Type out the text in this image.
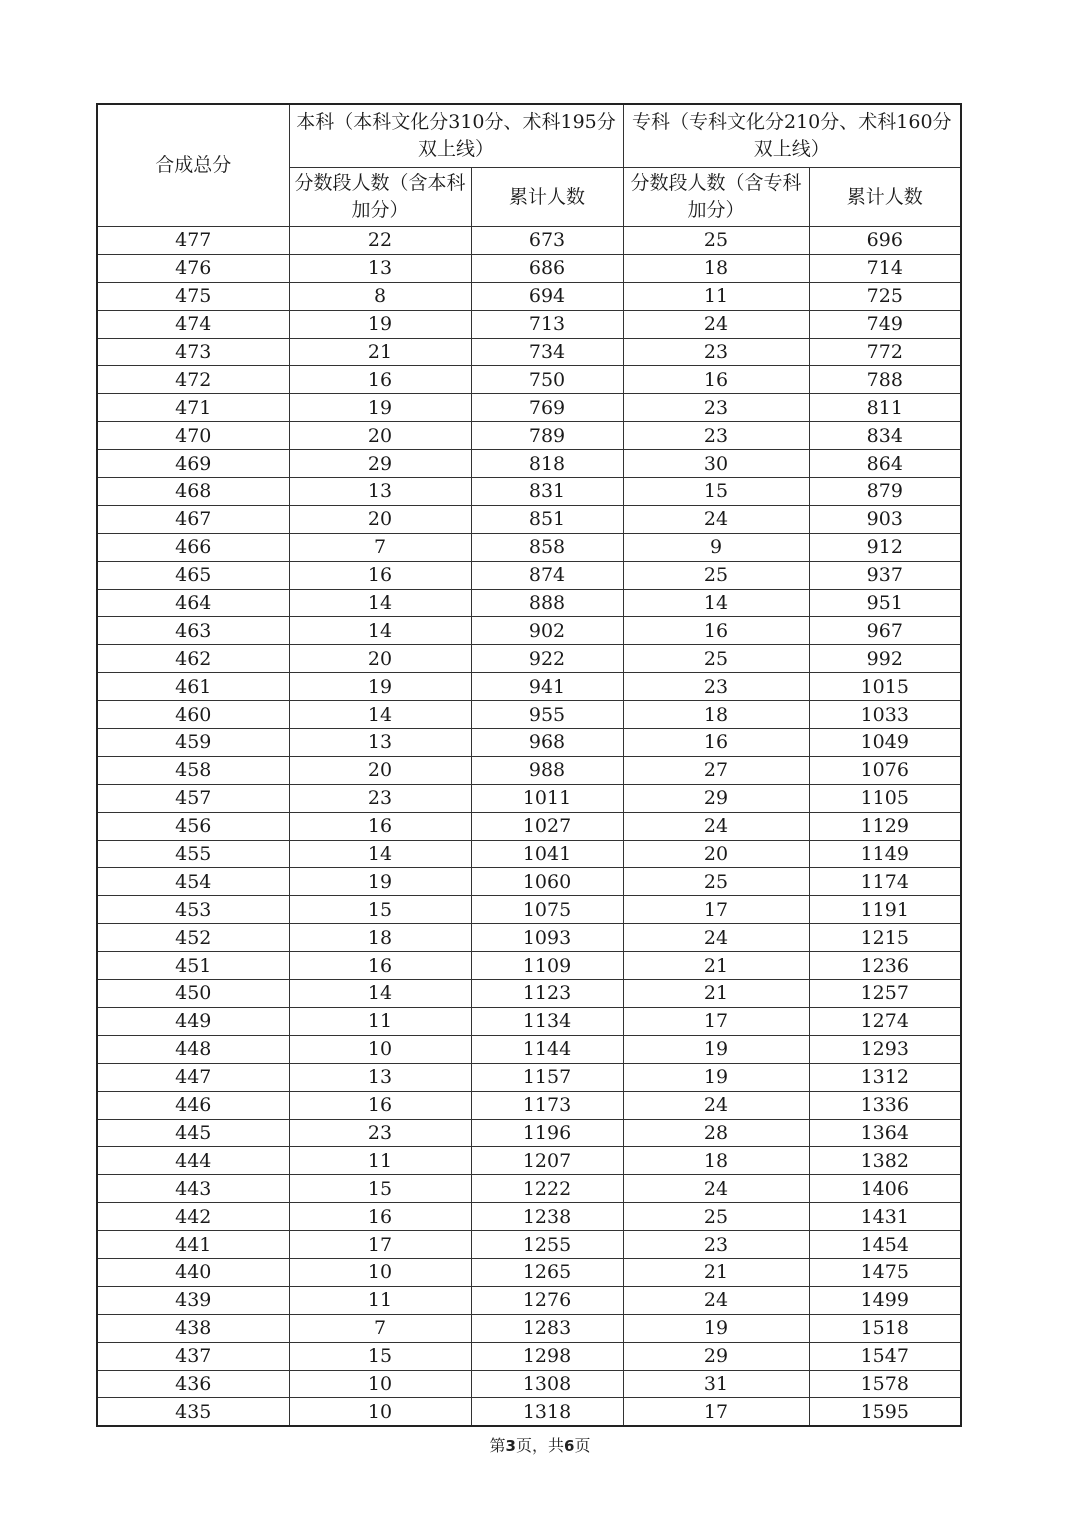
合成总分	本科（本科文化分310分、术科195分双上线）		专科（专科文化分210分、术科160分双上线）	
	分数段人数（含本科加分）	累计人数	分数段人数（含专科加分）	累计人数
477	22	673	25	696
476	13	686	18	714
475	8	694	11	725
474	19	713	24	749
473	21	734	23	772
472	16	750	16	788
471	19	769	23	811
470	20	789	23	834
469	29	818	30	864
468	13	831	15	879
467	20	851	24	903
466	7	858	9	912
465	16	874	25	937
464	14	888	14	951
463	14	902	16	967
462	20	922	25	992
461	19	941	23	1015
460	14	955	18	1033
459	13	968	16	1049
458	20	988	27	1076
457	23	1011	29	1105
456	16	1027	24	1129
455	14	1041	20	1149
454	19	1060	25	1174
453	15	1075	17	1191
452	18	1093	24	1215
451	16	1109	21	1236
450	14	1123	21	1257
449	11	1134	17	1274
448	10	1144	19	1293
447	13	1157	19	1312
446	16	1173	24	1336
445	23	1196	28	1364
444	11	1207	18	1382
443	15	1222	24	1406
442	16	1238	25	1431
441	17	1255	23	1454
440	10	1265	21	1475
439	11	1276	24	1499
438	7	1283	19	1518
437	15	1298	29	1547
436	10	1308	31	1578
435	10	1318	17	1595
第3页，共6页
